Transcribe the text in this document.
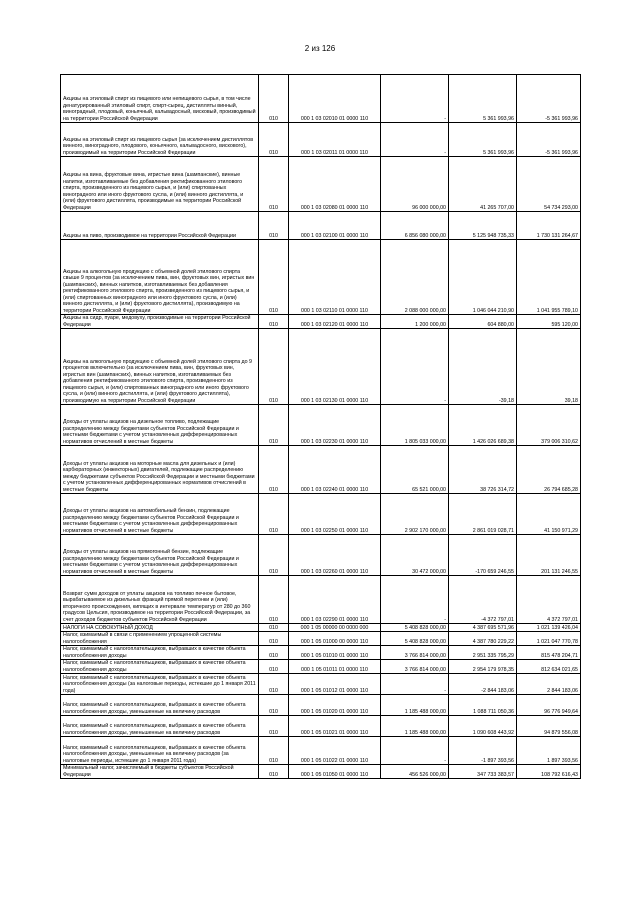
2 из 126
Акцизы на этиловый спирт из пищевого или непищевого сырья, в том числе денатурированный этиловый спирт, спирт-сырец, дистилляты винный, виноградный, плодовый, коньячный, кальвадосный, висковый, производимый на территории Российской Федерации	010	000 1 03 02010 01 0000 110	-	5 361 993,96	-5 361 993,96
Акцизы на этиловый спирт из пищевого сырья (за исключением дистиллятов винного, виноградного, плодового, коньячного, кальвадосного, вискового), производимый на территории Российской Федерации	010	000 1 03 02011 01 0000 110	-	5 361 993,96	-5 361 993,96
Акцизы на вина, фруктовые вина, игристые вина (шампанские), винные напитки, изготавливаемые без добавления ректификованного этилового спирта, произведенного из пищевого сырья, и (или) спиртованных виноградного или иного фруктового сусла, и (или) винного дистиллята, и (или) фруктового дистиллята, производимые на территории Российской Федерации	010	000 1 03 02080 01 0000 110	96 000 000,00	41 265 707,00	54 734 293,00
Акцизы на пиво, производимое на территории Российской Федерации	010	000 1 03 02100 01 0000 110	6 856 080 000,00	5 125 948 735,33	1 730 131 264,67
Акцизы на алкогольную продукцию с объемной долей этилового спирта свыше 9 процентов (за исключением пива, вин, фруктовых вин, игристых вин (шампанских), винных напитков, изготавливаемых без добавления ректификованного этилового спирта, произведенного из пищевого сырья, и (или) спиртованных виноградного или иного фруктового сусла, и (или) винного дистиллята, и (или) фруктового дистиллята), производимую на территории Российской Федерации	010	000 1 03 02110 01 0000 110	2 088 000 000,00	1 046 044 210,90	1 041 955 789,10
Акцизы на сидр, пуаре, медовуху, производимые на территории Российской Федерации	010	000 1 03 02120 01 0000 110	1 200 000,00	604 880,00	595 120,00
Акцизы на алкогольную продукцию с объемной долей этилового спирта до 9 процентов включительно (за исключением пива, вин, фруктовых вин, игристых вин (шампанских), винных напитков, изготавливаемых без добавления ректификованного этилового спирта, произведенного из пищевого сырья, и (или) спиртованных виноградного или иного фруктового сусла, и (или) винного дистиллята, и (или) фруктового дистиллята), производимую на территории Российской Федерации	010	000 1 03 02130 01 0000 110	-	-39,18	39,18
Доходы от уплаты акцизов на дизельное топливо, подлежащие распределению между бюджетами субъектов Российской Федерации и местными бюджетами с учетом установленных дифференцированных нормативов отчислений в местные бюджеты	010	000 1 03 02230 01 0000 110	1 805 033 000,00	1 426 026 689,38	379 006 310,62
Доходы от уплаты акцизов на моторные масла для дизельных и (или) карбюраторных (инжекторных) двигателей, подлежащие распределению между бюджетами субъектов Российской Федерации и местными бюджетами с учетом установленных дифференцированных нормативов отчислений в местные бюджеты	010	000 1 03 02240 01 0000 110	65 521 000,00	38 726 314,72	26 794 685,28
Доходы от уплаты акцизов на автомобильный бензин, подлежащие распределению между бюджетами субъектов Российской Федерации и местными бюджетами с учетом установленных дифференцированных нормативов отчислений в местные бюджеты	010	000 1 03 02250 01 0000 110	2 902 170 000,00	2 861 019 028,71	41 150 971,29
Доходы от уплаты акцизов на прямогонный бензин, подлежащие распределению между бюджетами субъектов Российской Федерации и местными бюджетами с учетом установленных дифференцированных нормативов отчислений в местные бюджеты	010	000 1 03 02260 01 0000 110	30 472 000,00	-170 659 246,55	201 131 246,55
Возврат сумм доходов от уплаты акцизов на топливо печное бытовое, вырабатываемое из дизельных фракций прямой перегонки и (или) вторичного происхождения, кипящих в интервале температур от 280 до 360 градусов Цельсия, производимое на территории Российской Федерации, за счет доходов бюджетов субъектов Российской Федерации	010	000 1 03 02290 01 0000 110	-	-4 372 797,01	4 372 797,01
НАЛОГИ НА СОВОКУПНЫЙ ДОХОД	010	000 1 05 00000 00 0000 000	5 408 828 000,00	4 387 695 571,96	1 021 139 426,04
Налог, взимаемый в связи с применением упрощенной системы налогообложения	010	000 1 05 01000 00 0000 110	5 408 828 000,00	4 387 780 229,22	1 021 047 770,78
Налог, взимаемый с налогоплательщиков, выбравших в качестве объекта налогообложения доходы	010	000 1 05 01010 01 0000 110	3 766 814 000,00	2 951 335 795,29	815 478 204,71
Налог, взимаемый с налогоплательщиков, выбравших в качестве объекта налогообложения доходы	010	000 1 05 01011 01 0000 110	3 766 814 000,00	2 954 179 978,35	812 634 021,65
Налог, взимаемый с налогоплательщиков, выбравших в качестве объекта налогообложения доходы (за налоговые периоды, истекшие до 1 января 2011 года)	010	000 1 05 01012 01 0000 110	-	-2 844 183,06	2 844 183,06
Налог, взимаемый с налогоплательщиков, выбравших в качестве объекта налогообложения доходы, уменьшенные на величину расходов	010	000 1 05 01020 01 0000 110	1 185 488 000,00	1 088 711 050,36	96 776 949,64
Налог, взимаемый с налогоплательщиков, выбравших в качестве объекта налогообложения доходы, уменьшенные на величину расходов	010	000 1 05 01021 01 0000 110	1 185 488 000,00	1 090 608 443,92	94 879 556,08
Налог, взимаемый с налогоплательщиков, выбравших в качестве объекта налогообложения доходы, уменьшенные на величину расходов (за налоговые периоды, истекшие до 1 января 2011 года)	010	000 1 05 01022 01 0000 110	-	-1 897 393,56	1 897 393,56
Минимальный налог, зачисляемый в бюджеты субъектов Российской Федерации	010	000 1 05 01050 01 0000 110	456 526 000,00	347 733 383,57	108 792 616,43
